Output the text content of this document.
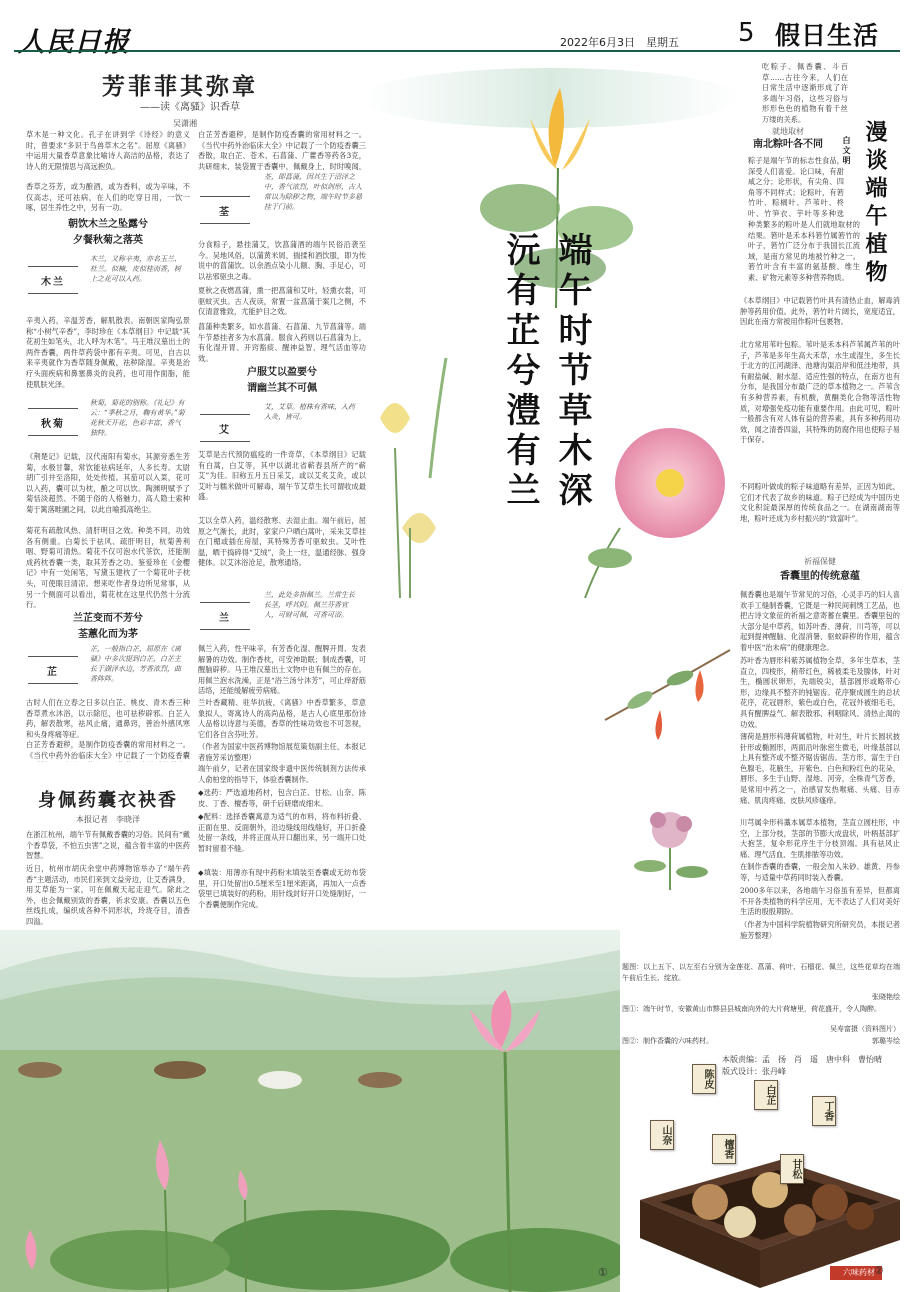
人民日报	2022年6月3日　星期五 5 假日生活
端午时节草木深
沅有芷兮澧有兰
漫谈端午植物
白文明
芳菲菲其弥章
——读《离骚》识香草
吴潇湘
草木是一种文化。孔子在讲到学《诗经》的意义时，曾要求“多识于鸟兽草木之名”。屈原《离骚》中运用大量香草意象比喻诗人高洁的品格，表达了诗人的无限情思与高远抱负。
香草之芬芳，或为酿酒，或为香料，或为辛味，不仅高志，还可祛病，在人们的吃穿日用，一饮一啄，居生养性之中，另有一功。
朝饮木兰之坠露兮
夕餐秋菊之落英
木兰
木兰，又称辛夷，亦名玉兰、杜兰。似楠，皮似桂而香，树上之花可以入药。
辛夷入药，辛温芳香，解肌散表。南朝医家陶弘景称“小树气辛香”，李时珍在《本草纲目》中记载“其花初生如笔头，北人呼为木笔”。马王堆汉墓出土的两件香囊，两件草药袋中都有辛夷。可见，自古以来辛夷就作为香草随身佩戴，祛秽除湿。辛夷是治疗头面疾病和鼻塞鼻炎的良药，也可用作面脂，能使肌肤光泽。
秋菊
秋菊，菊花的别称。《礼记》有云：“季秋之月，鞠有黄华。”菊花秋天开花，色彩丰富，香气独特。
《荆楚记》记载，汉代南阳有菊水，其源旁悉生芳菊，水极甘馨，常饮能祛病延年，人多长寿。太尉胡广引井至洛阳，处处传植。其茄可以入菜，花可以入药，囊可以为枕，酿之可以饮。陶渊明赋予了菊恬淡超然、不随于俗的人格魅力，高人隐士索种菊于篱落畦圃之间，以此自喻孤高绝尘。
菊花有疏散风热、清肝明目之效。种类不同，功效各有侧重。白菊长于祛风、疏肝明目，杭菊善利咽、野菊可清热。菊花不仅可泡水代茶饮，还能制成药枕香囊一类，取其芳香之功。鉴爱珍在《金樱记》中有一处闲笔，写黛玉建枕了一个菊花叶子枕头，可使眼目清凉。想来吃作者身边所见常事，从另一个侧面可以看出，菊花枕在这里代仍然十分流行。
兰芷变而不芳兮
荃蕙化而为茅
芷
芷，一般指白芷，屈原在《离骚》中多次提到白芷，白芷主长于湖泽水边，芳香浓烈，曲香阵阵。
古时人们在立春之日多以白芷、桃皮、青木香三种香草煮水沐浴，以示除厄，也可祛秽辟邪。白芷入药，解表散寒，祛风止痛，通鼻窍，善治外感风寒和头身疼痛等症。
白芷芳香避秽，是制作防疫香囊的常用材料之一。《当代中药外治临床大全》中记载了一个防疫香囊
白芷芳香避秽，是制作防疫香囊的常用材料之一。《当代中药外治临床大全》中记载了一个防疫香囊三香散，取白芷、苍术、石菖蒲、广藿香等药各3克，共研细末，装袋置于香囊中，佩戴身上，时时嗅闻，
荃
荃，即菖蒲，因其生于沼泽之中，香气浓烈，叶似剑形，古人常以为除秽之物，端午时节多悬挂于门前。
分食粽子，悬挂蒲艾，饮菖蒲酒的端午民俗沿袭至今。吴地风俗，以蒲黄米屑，揣揉和酒饮服，即为传说中的菖蒲饮。以余酒点染小儿额、胸、手足心，可以祛邪驱虫之毒。
夏秋之夜燃菖蒲，熏一把菖蒲和艾叶，轻熏衣裳，可驱蚊灭虫。古人夜读，常置一盆菖蒲于案几之侧，不仅清意雅致，尤能护目之效。
菖蒲种类繁多，如水菖蒲、石菖蒲、九节菖蒲等。端午节悬挂者多为水菖蒲。服食入药则以石菖蒲为上，有化湿开胃、开窍豁痰、醒神益智、理气活血等功效。
户服艾以盈要兮
谓幽兰其不可佩
艾
艾，艾草。植株有香味，入药入灸，皆可。
艾草是古代预防瘟疫的一件奇草，《本草纲目》记载有白蒿，白艾等，其中以湖北省蕲春县所产的“蕲艾”为佳。旧称五月五日采艾，或以艾炙艾灸，或以艾叶与糯米做叶可解毒，端午节艾草生长可谓收成最盛。
艾以全草入药，温经散寒、去湿止血。端午前后，屈原之气渐长，此时，家家户户晒白蒿叶，采朱艾草挂在门楣或插在房屋，其特殊芳香可驱蚊虫。艾叶性温，晒干捣碎得“艾绒”，灸上一炷，温通经脉、强身健体。以艾沐浴沧足，散寒通络。
兰
兰，此处多指佩兰。兰常生长长茎，呼其阴。佩兰芬香宜人，可财可佩，可香可浴。
佩兰入药，性平味辛，有芳香化湿、醒脾开胃、发表解暑的功效。制作香枕，可安神助眠；制成香囊，可醒脑辟秽。马王堆汉墓出土文物中也有佩兰的存在。用佩兰泡水洗澡，正是“浴兰汤兮沐芳”，可止痒舒筋活络，还能缓解疲劳病痛。
兰叶香藏精、驻华抗疲，《离骚》中香草繁多，草意象拟人，寄寓诗人的高尚品格，是古人心底里那份诗人品格以诗意与美德，香草的性味功效也不可忽视，它们各自含芬吐芳。
（作者为国家中医药博物馆展览策划副主任，本报记者施芳采访整理）
身佩药囊衣袂香
本报记者　李晓洋
在浙江杭州，端午节有佩戴香囊的习俗。民间有“戴个香草袋，不怕五虫害”之说，蕴含着丰富的中医药智慧。
近日，杭州市胡庆余堂中药博物馆举办了“端午药香”主题活动，市民们来到文益旁边，让艾香满身，用艾草能为一家，可在佩戴天起走迎气。除此之外，也会佩戴别致的香囊，祈求安康。香囊以五色丝线扎成，编织成各种不同形状，玲珑夺目，清香四溢。
端午前夕，记者在国家级非遗中医传统制剂方法传承人俞柏堂的指导下，体验香囊制作。
◆选药：严选道地药材，包含白芷、甘松、山奈、陈皮、丁香、檀香等，研千后研磨成细末。
◆配料：选择香囊寓意为适气的布料，将布料折叠、正面在里、反面朝外，沿边缝线用线缝好，开口折叠处留一条线，并将正面从开口翻出来，另一端开口处暂时留着不缝。
◆填装：用薄亦有现中药粉末填装至香囊或无纺布袋里，开口处留出0.5厘米至1厘米距离，再加入一点香袋里已填装好的药粉，用针线封好开口处缝制好，一个香囊便制作完成。
吃粽子、佩香囊、斗百草……古往今来，人们在日常生活中逐渐形成了许多端午习俗，这些习俗与形形色色的植物有着千丝万缕的关系。
就地取材
南北粽叶各不同
粽子是端午节的标志性食品，深受人们喜爱。论口味，有甜咸之分；论形状，有尖角、四角等不同样式；论粽叶，有箬竹叶、粽榈叶、芦苇叶、柊叶、竹笋衣、芋叶等多种选
种类繁多的粽叶是人们就地取材的结果。箬叶是禾本科箬竹属箬竹的叶子，箬竹广泛分布于我国长江流域，是南方常见的地被竹种之一。箬竹叶含有丰富的氨基酸、维生素、矿物元素等多种营养物质。
《本草纲目》中记载箬竹叶具有清热止血，解毒消肿等药用价值。此外，箬竹叶片阔长，宽度适宜，因此在南方常被用作粽叶包裹物。
北方常用苇叶包粽。苇叶是禾本科芦苇属芦苇的叶子，芦苇是多年生高大禾草，水生或湿生，多生长于北方的江河湖泽、池塘沟渠沿岸和低洼地带，具有耐盐碱、耐水湿、适应性强的特点，在南方也有分布，是我国分布最广泛的草本植物之一。芦苇含有多种营养素，有机酸，黄酮类化合物等活性物质，对增强免疫功能有重要作用。由此可见，粽叶一般都含有对人体有益的营养素，具有多种药用功效，闻之清香四溢，其特殊的防腐作用也使粽子易于保存。
不同粽叶做成的粽子味道略有差异，正因为如此，它们才代表了故乡的味道。粽子已经成为中国历史文化积淀最深厚的传统食品之一。在湖南湖南等地，粽叶还成为乡村振兴的“致富叶”。
祈福保健
香囊里的传统意蕴
佩香囊也是端午节常见的习俗，心灵手巧的妇人喜欢手工缝制香囊，它既是一种民间刺绣工艺品，也把古诗文象征的祈福之意寄蓄在囊里。香囊里包的大部分是中草药，如苏叶香、薄荷、川芎等，可以起到提神醒脑、化湿消暑、驱蚊辟秽的作用，蕴含着中医“治未病”的健康理念。
苏叶香为唇形科紫苏属植物全草，多年生草本，茎直立，四棱形，稍带红色，稀被柔毛及腺体，叶对生，椭圆状卵形，先端锐尖，基部圆形或略带心形，边缘具不整齐的钝锯齿。花序聚成圆生的总状花序，花冠唇形，紫色或白色，花冠外被细毛毛，具有醒脾益气、解表散邪、利咽除风、清热止渴的功效。
薄荷是唇形科薄荷属植物，叶对生，叶片长圆状披针形或椭圆形，两面沿叶脉密生微毛，叶缘基部以上具有整齐或不整齐锯齿锯齿。茎方形，富生于白色腺毛，花腋生，开紫色、白色和粉红色的花朵，唇形。多生于山野、湿地、河旁，全株青气芳香，是常用中药之一，治感冒发热喉痛、头痛、目赤痛、肌肉疼痛、皮肤风疹瘙痒。
川芎属伞形科藁本属草本植物，茎直立圆柱形，中空，上部分枝，茎部的节膨大成盘状，叶柄基部扩大抱茎，复伞形花序生于分枝顶端。具有祛风止痛、理气活血、生肌排脓等功效。
在制作香囊的香囊，一般会加入朱砂、雄黄、丹参等，与适量中草药同时装入香囊。
2000多年以来，各地端午习俗虽有差异，但都离不开各类植物的科学应用，无不表达了人们对美好生活的殷殷期盼。
（作者为中国科学院植物研究所研究员，本报记者施芳整理）
①
题图：以上五下、以左至右分别为金莲花、菖蒲、荷叶、石榴花、佩兰，这些花草均在端午前后生长、绽放。
张晓艳绘
图①：端午时节，安徽黄山市黟县县城南向外的大片荷塘里，荷花盛开，令人陶醉。
吴寿富摄（资料图片）
图②：制作香囊的六味药材。	郭璐岑绘
本版责编：孟　扬　肖　遥　唐中科　曹怡晴
版式设计：张丹峰
六味药材
山奈
陈皮
檀香
白芷
甘松
丁香
②
